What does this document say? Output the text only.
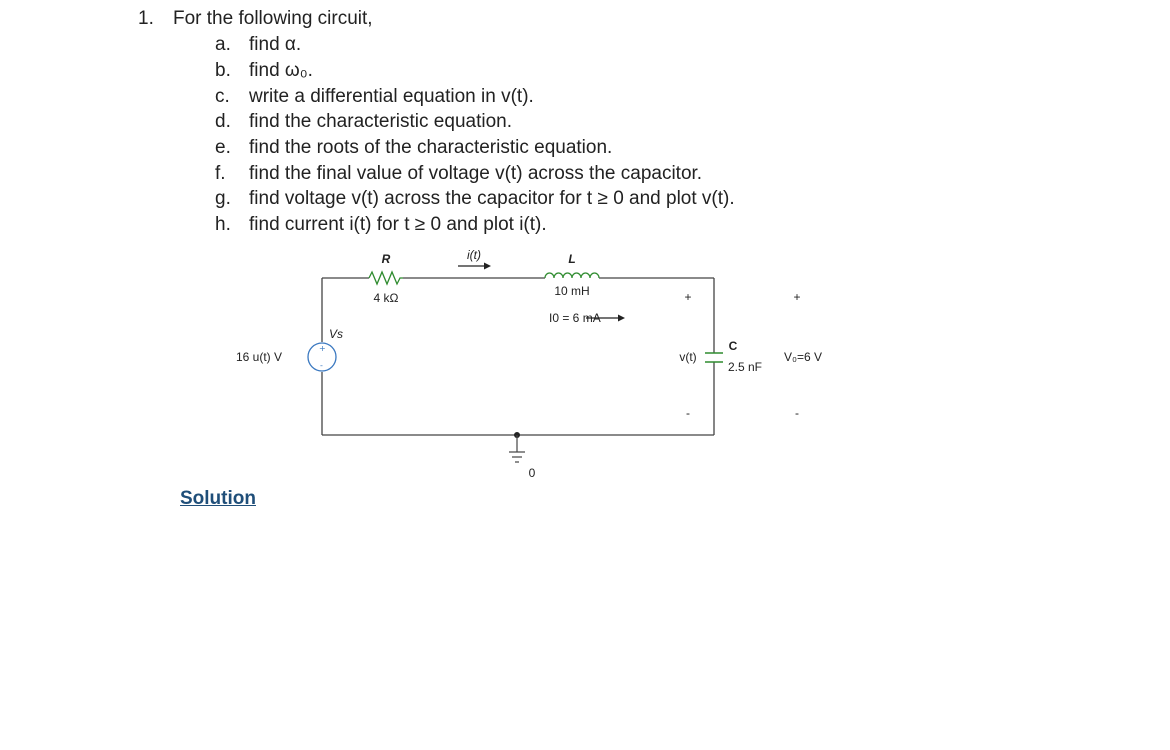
1. For the following circuit,
a. find α.
b. find ω₀.
c.	write a differential equation in v(t).
d. find the characteristic equation.
e. find the roots of the characteristic equation.
f.	find the final value of voltage v(t) across the capacitor.
g. find voltage v(t) across the capacitor for t ≥ 0 and plot v(t).
h. find current i(t) for t ≥ 0 and plot i(t).
+
-
R
4 kΩ
i(t)	L
10 mH
I0 = 6 mA
16 u(t) V
Vs
+
v(t)
-
C
2.5 nF
+
V₀=6 V
-
0
Solution
